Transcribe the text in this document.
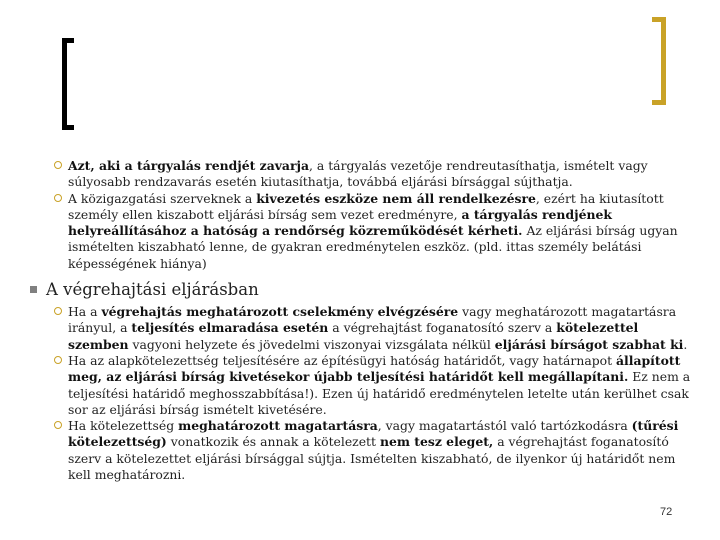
Azt, aki a tárgyalás rendjét zavarja, a tárgyalás vezetője rendreutasíthatja, ismételt vagy súlyosabb rendzavarás esetén kiutasíthatja, továbbá eljárási bírsággal sújthatja.

A közigazgatási szerveknek a kivezetés eszköze nem áll rendelkezésre, ezért ha kiutasított személy ellen kiszabott eljárási bírság sem vezet eredményre, a tárgyalás rendjének helyreállításához a hatóság a rendőrség közreműködését kérheti. Az eljárási bírság ugyan ismételten kiszabható lenne, de gyakran eredménytelen eszköz. (pld. ittas személy belátási képességének hiánya)

A végrehajtási eljárásban

Ha a végrehajtás meghatározott cselekmény elvégzésére vagy meghatározott magatartásra irányul, a teljesítés elmaradása esetén a végrehajtást foganatosító szerv a kötelezettel szemben vagyoni helyzete és jövedelmi viszonyai vizsgálata nélkül eljárási bírságot szabhat ki.

Ha az alapkötelezettség teljesítésére az építésügyi hatóság határidőt, vagy határnapot állapított meg, az eljárási bírság kivetésekor újabb teljesítési határidőt kell megállapítani. Ez nem a teljesítési határidő meghosszabbítása!). Ezen új határidő eredménytelen letelte után kerülhet csak sor az eljárási bírság ismételt kivetésére.

Ha kötelezettség meghatározott magatartásra, vagy magatartástól való tartózkodásra (tűrési kötelezettség) vonatkozik és annak a kötelezett nem tesz eleget, a végrehajtást foganatosító szerv a kötelezettet eljárási bírsággal sújtja. Ismételten kiszabható, de ilyenkor új határidőt nem kell meghatározni.

72
